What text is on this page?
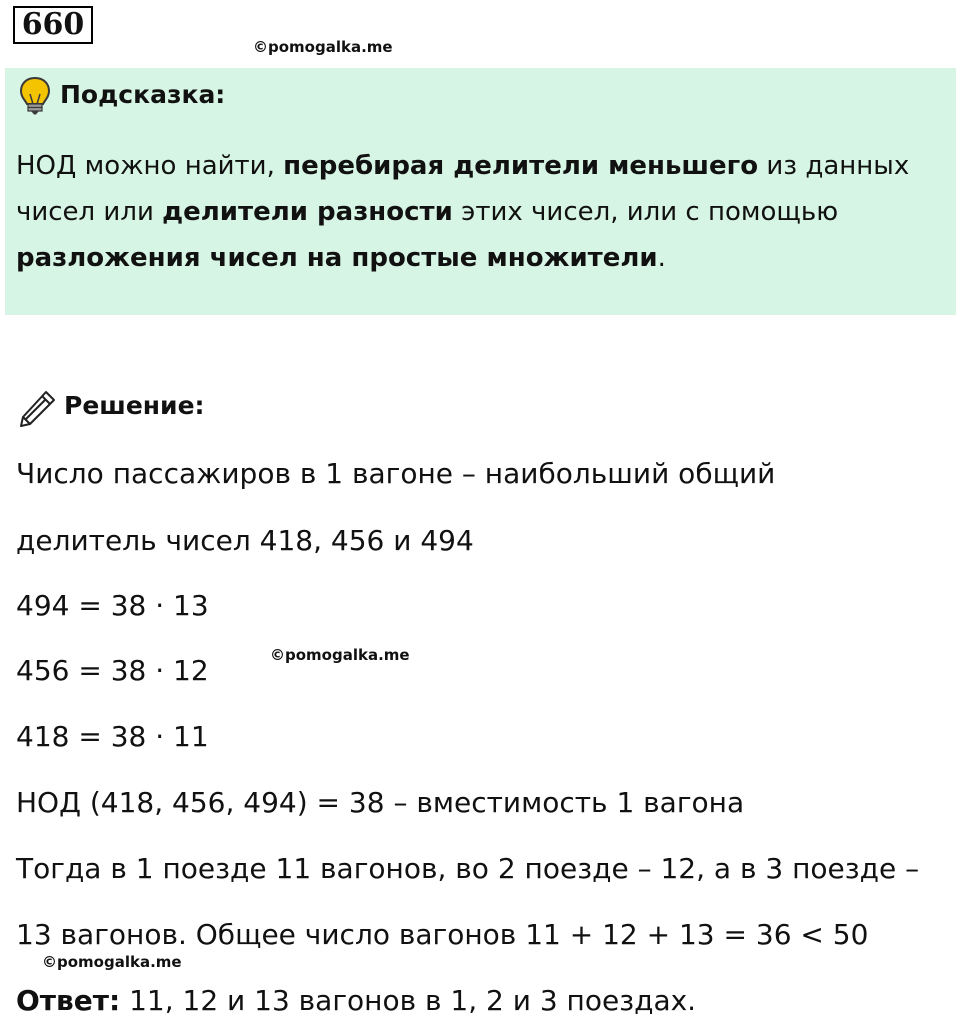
660
©pomogalka.me
Подсказка:
НОД можно найти, перебирая делители меньшего из данных чисел или делители разности этих чисел, или с помощью разложения чисел на простые множители.
Решение:
Число пассажиров в 1 вагоне – наибольший общий
делитель чисел 418, 456 и 494
494 = 38 · 13
456 = 38 · 12
418 = 38 · 11
НОД (418, 456, 494) = 38 – вместимость 1 вагона
Тогда в 1 поезде 11 вагонов, во 2 поезде – 12, а в 3 поезде –
13 вагонов. Общее число вагонов 11 + 12 + 13 = 36 < 50
©pomogalka.me
©pomogalka.me
Ответ: 11, 12 и 13 вагонов в 1, 2 и 3 поездах.
